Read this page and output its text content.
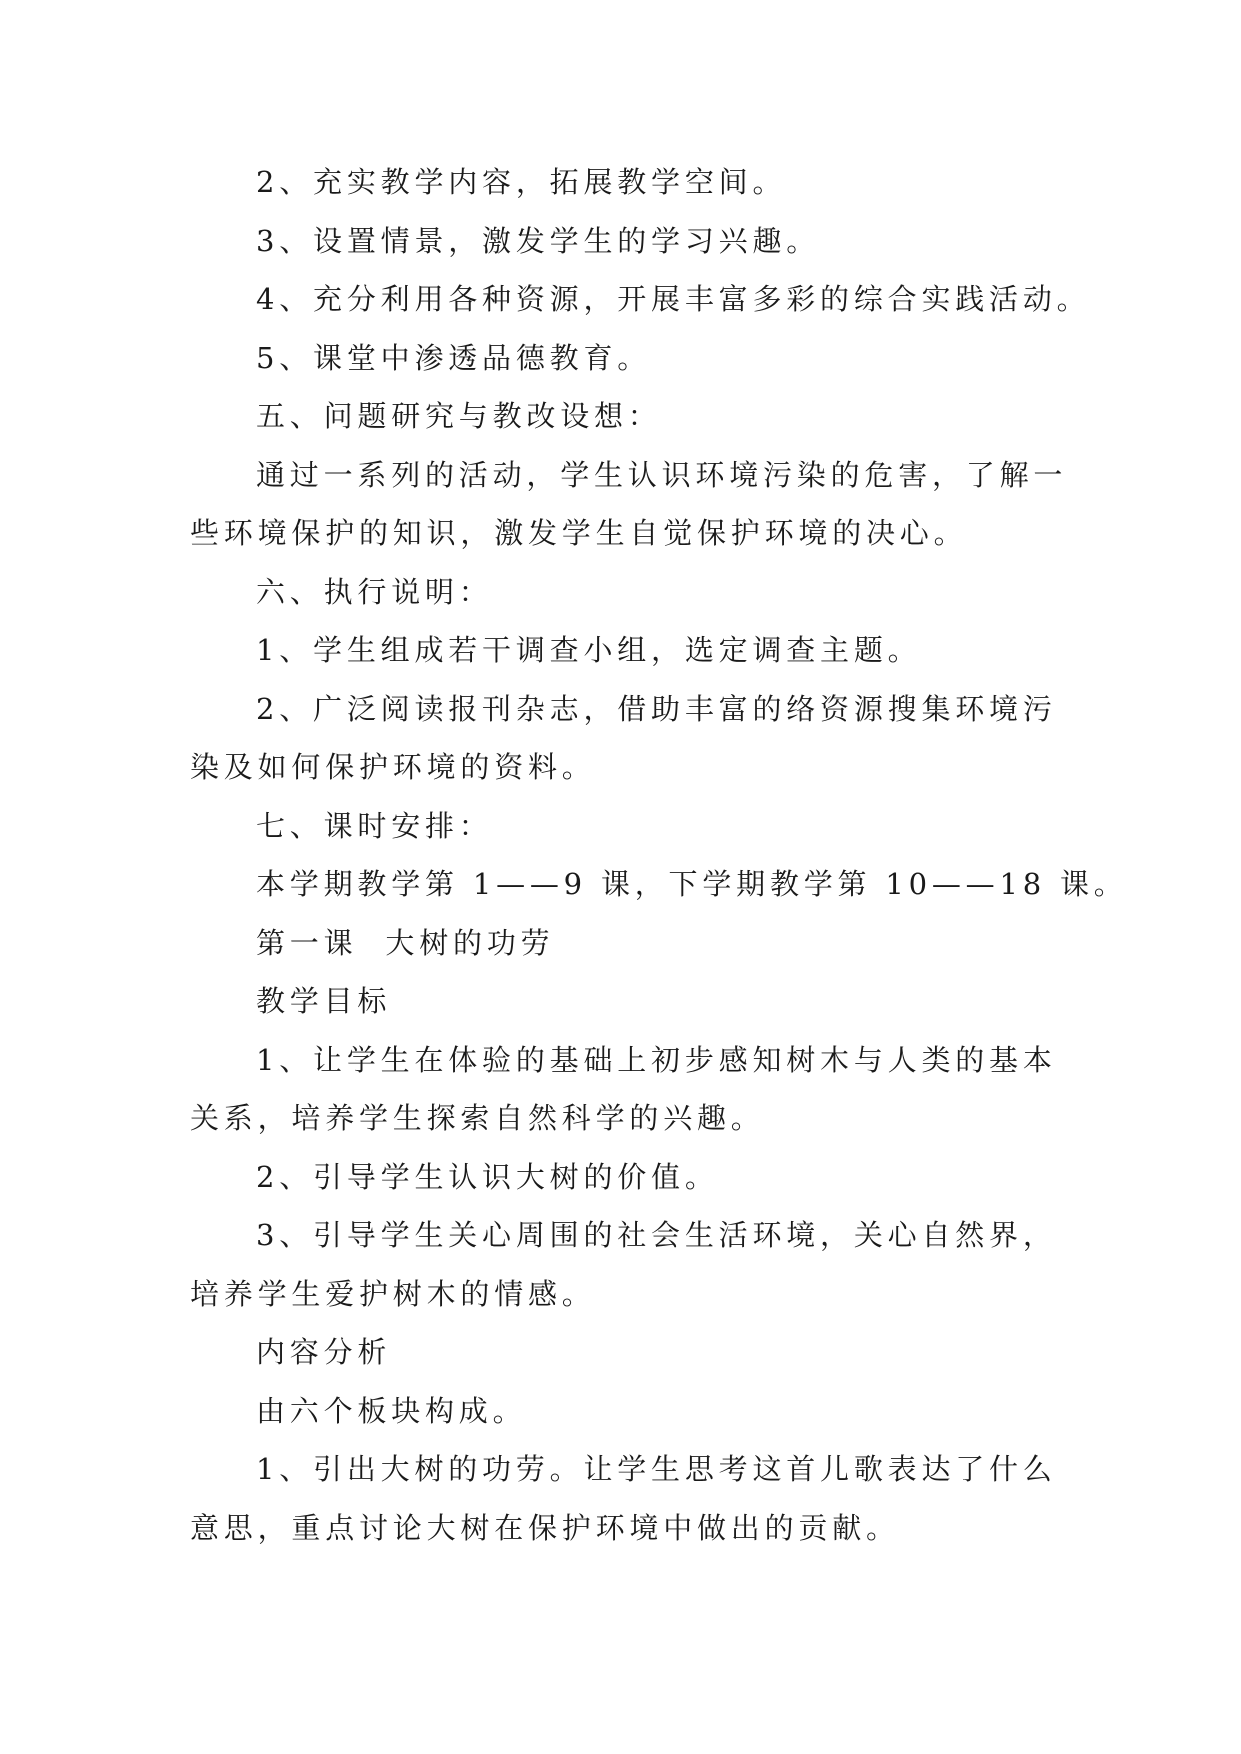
2、充实教学内容，拓展教学空间。

3、设置情景，激发学生的学习兴趣。

4、充分利用各种资源，开展丰富多彩的综合实践活动。

5、课堂中渗透品德教育。

五、问题研究与教改设想：

通过一系列的活动，学生认识环境污染的危害，了解一

些环境保护的知识，激发学生自觉保护环境的决心。

六、执行说明：

1、学生组成若干调查小组，选定调查主题。

2、广泛阅读报刊杂志，借助丰富的络资源搜集环境污

染及如何保护环境的资料。

七、课时安排：

本学期教学第 1——9 课，下学期教学第 10——18 课。

第一课  大树的功劳

教学目标

1、让学生在体验的基础上初步感知树木与人类的基本

关系，培养学生探索自然科学的兴趣。

2、引导学生认识大树的价值。

3、引导学生关心周围的社会生活环境，关心自然界，

培养学生爱护树木的情感。

内容分析

由六个板块构成。

1、引出大树的功劳。让学生思考这首儿歌表达了什么

意思，重点讨论大树在保护环境中做出的贡献。
